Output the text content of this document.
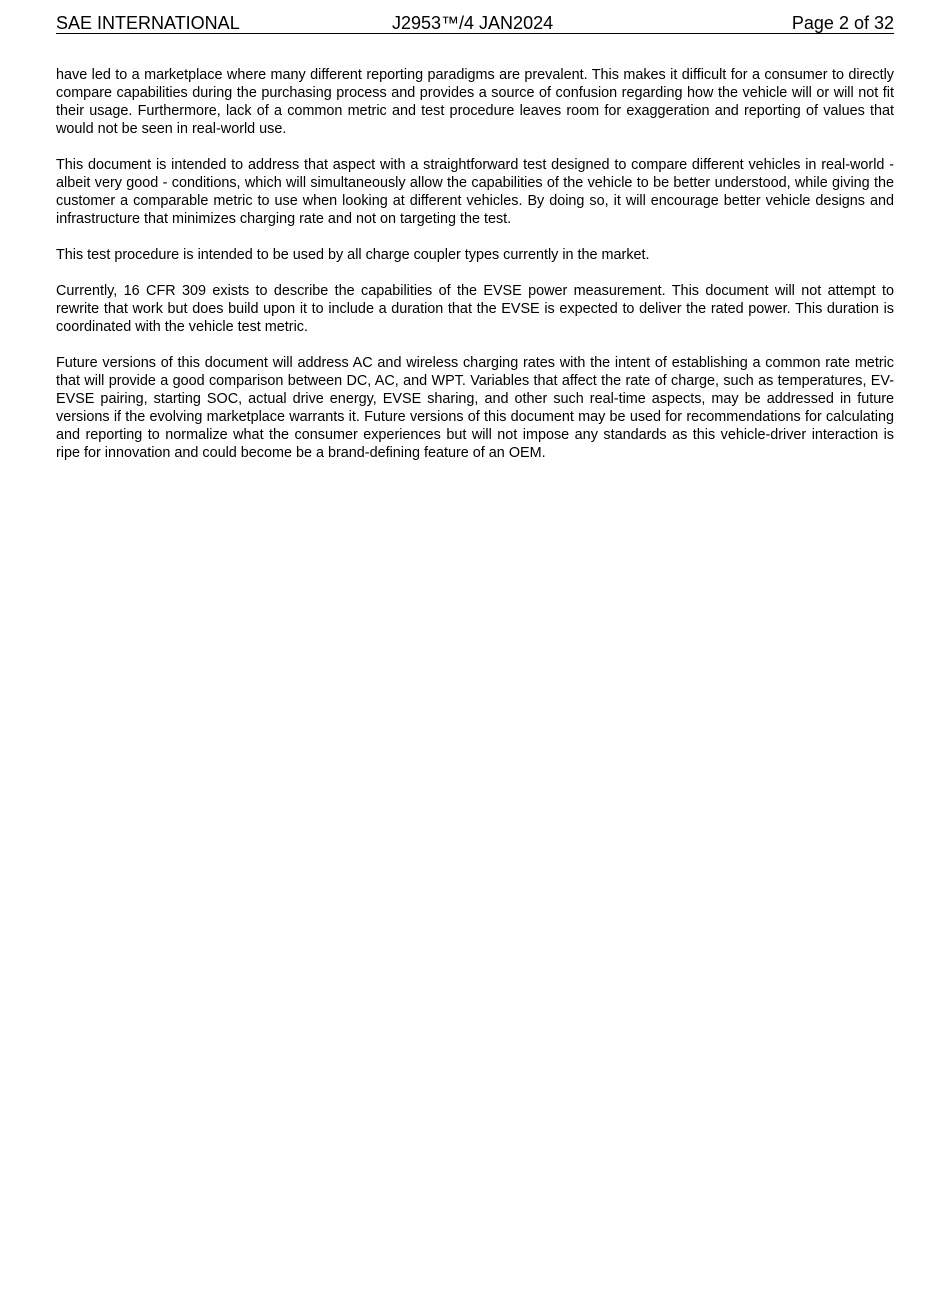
SAE INTERNATIONAL	J2953™/4 JAN2024	Page 2 of 32

have led to a marketplace where many different reporting paradigms are prevalent. This makes it difficult for a consumer to directly compare capabilities during the purchasing process and provides a source of confusion regarding how the vehicle will or will not fit their usage. Furthermore, lack of a common metric and test procedure leaves room for exaggeration and reporting of values that would not be seen in real-world use.

This document is intended to address that aspect with a straightforward test designed to compare different vehicles in real-world - albeit very good - conditions, which will simultaneously allow the capabilities of the vehicle to be better understood, while giving the customer a comparable metric to use when looking at different vehicles. By doing so, it will encourage better vehicle designs and infrastructure that minimizes charging rate and not on targeting the test.

This test procedure is intended to be used by all charge coupler types currently in the market.

Currently, 16 CFR 309 exists to describe the capabilities of the EVSE power measurement. This document will not attempt to rewrite that work but does build upon it to include a duration that the EVSE is expected to deliver the rated power. This duration is coordinated with the vehicle test metric.

Future versions of this document will address AC and wireless charging rates with the intent of establishing a common rate metric that will provide a good comparison between DC, AC, and WPT. Variables that affect the rate of charge, such as temperatures, EV-EVSE pairing, starting SOC, actual drive energy, EVSE sharing, and other such real-time aspects, may be addressed in future versions if the evolving marketplace warrants it. Future versions of this document may be used for recommendations for calculating and reporting to normalize what the consumer experiences but will not impose any standards as this vehicle-driver interaction is ripe for innovation and could become be a brand-defining feature of an OEM.
